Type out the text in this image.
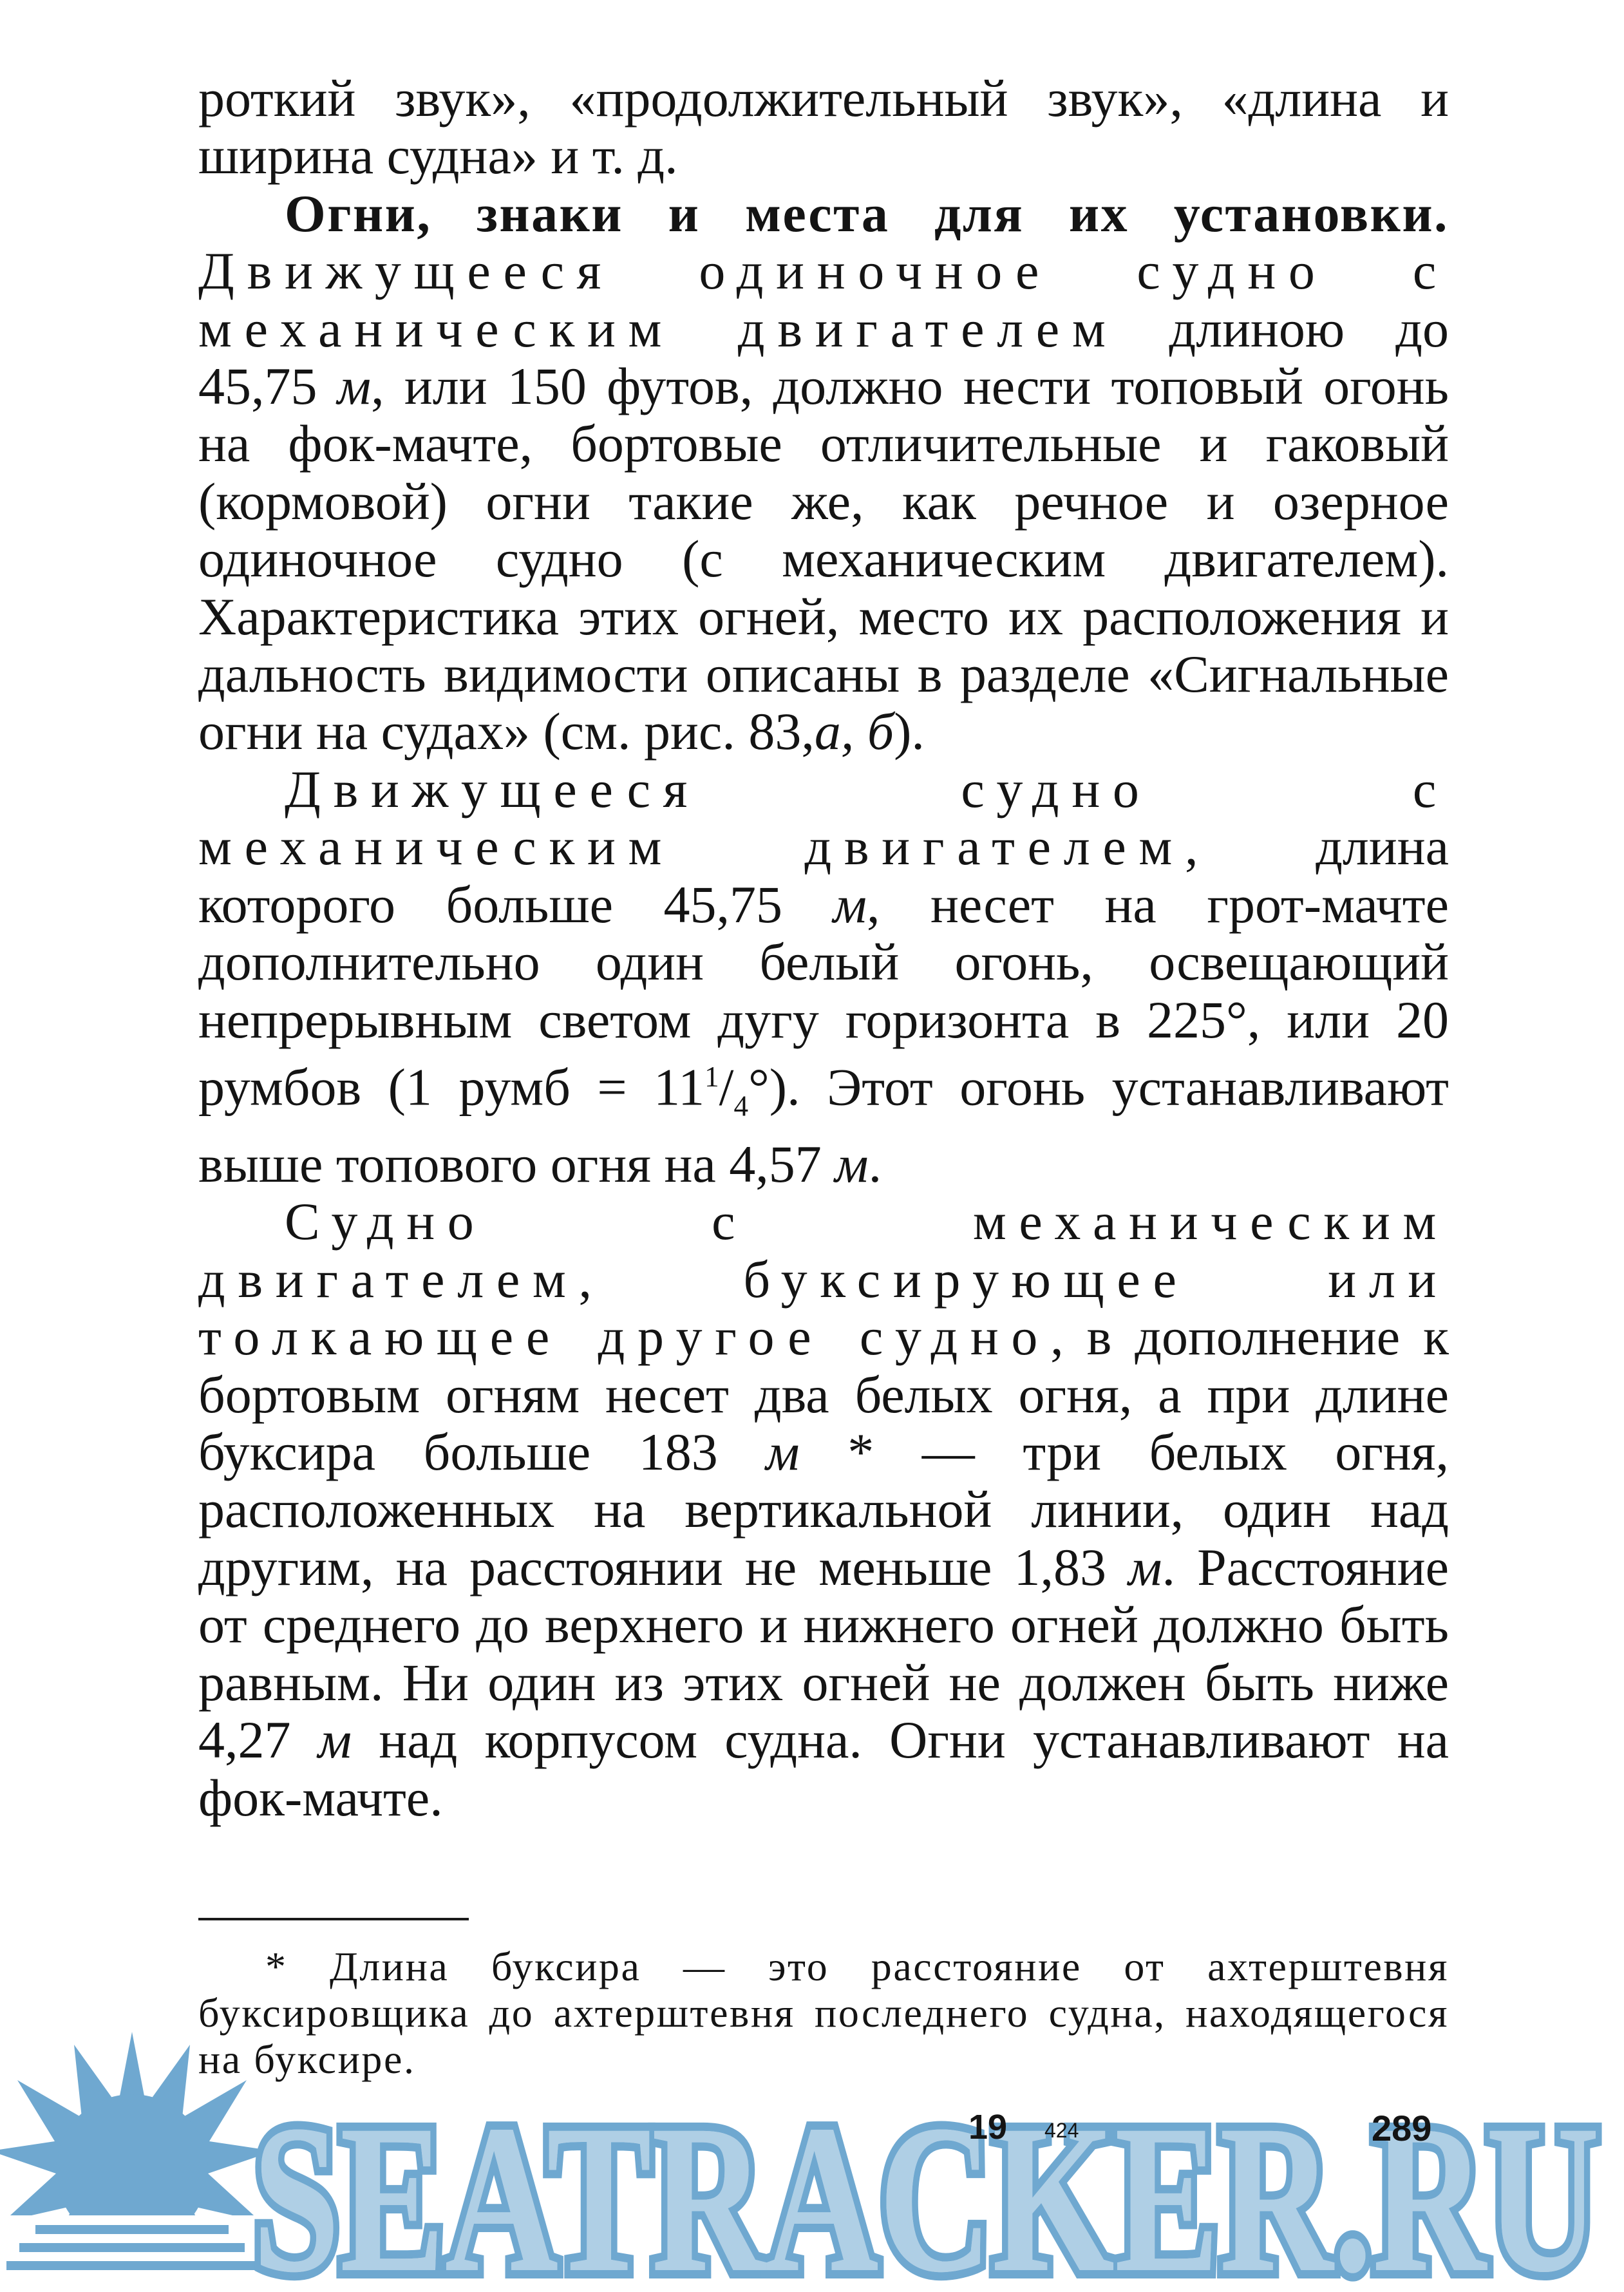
роткий звук», «продолжительный звук», «длина и ширина судна» и т. д.

Огни, знаки и места для их установки. Движущееся одиночное судно с механическим двигателем длиною до 45,75 м, или 150 футов, должно нести топовый огонь на фок-мачте, бортовые отличительные и гаковый (кормовой) огни такие же, как речное и озерное одиночное судно (с механическим двигателем). Характеристика этих огней, место их расположения и дальность видимости описаны в разделе «Сигнальные огни на судах» (см. рис. 83,а, б).

Движущееся судно с механическим двигателем, длина которого больше 45,75 м, несет на грот-мачте дополнительно один белый огонь, освещающий непрерывным светом дугу горизонта в 225°, или 20 румбов (1 румб = $11^1/_4^\circ$). Этот огонь устанавливают выше топового огня на 4,57 м.

Судно с механическим двигателем, буксирующее или толкающее другое судно, в дополнение к бортовым огням несет два белых огня, а при длине буксира больше 183 м * — три белых огня, расположенных на вертикальной линии, один над другим, на расстоянии не меньше 1,83 м. Расстояние от среднего до верхнего и нижнего огней должно быть равным. Ни один из этих огней не должен быть ниже 4,27 м над корпусом судна. Огни устанавливают на фок-мачте.

* Длина буксира — это расстояние от ахтерштевня буксировщика до ахтерштевня последнего судна, находящегося на буксире.

SEATRACKER.RU
SEATRACKER.RU
19 424	289
